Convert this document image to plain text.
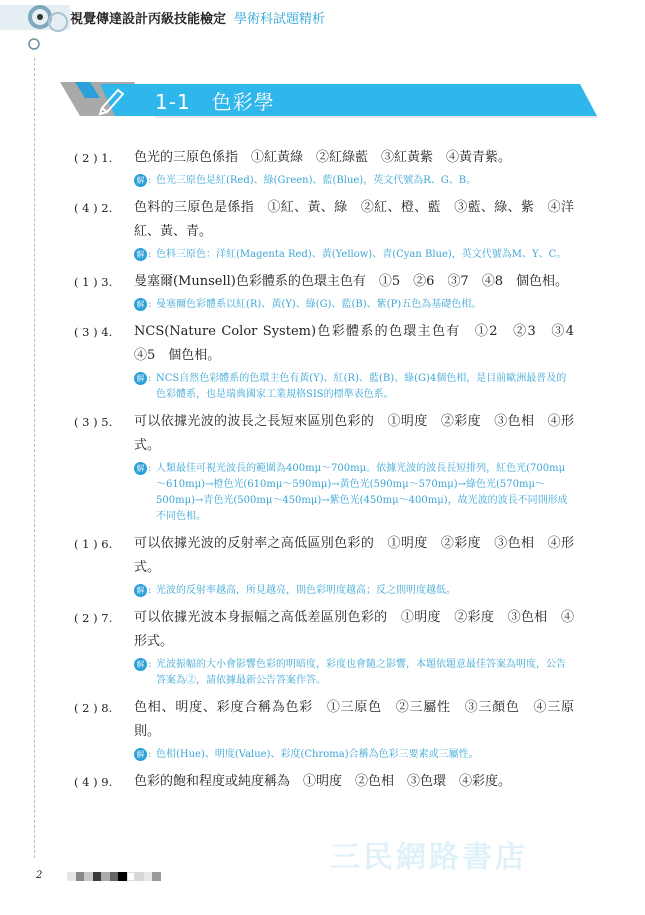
視覺傳達設計丙級技能檢定 學術科試題精析
1-1　色彩學
( 2 ) 1. 色光的三原色係指　①紅黃綠　②紅綠藍　③紅黃紫　④黃青紫。
解 : 色光三原色是紅(Red)、綠(Green)、藍(Blue)，英文代號為R、G、B。
( 4 ) 2. 色料的三原色是係指　①紅、黃、綠　②紅、橙、藍　③藍、綠、紫　④洋紅、黃、青。
解 : 色料三原色：洋紅(Magenta Red)、黃(Yellow)、青(Cyan Blue)，英文代號為M、Y、C。
( 1 ) 3. 曼塞爾(Munsell)色彩體系的色環主色有　①5　②6　③7　④8　個色相。
解 : 曼塞爾色彩體系以紅(R)、黃(Y)、綠(G)、藍(B)、紫(P)五色為基礎色相。
( 3 ) 4. NCS(Nature Color System)色彩體系的色環主色有　①2　②3　③4　④5　個色相。
解 : NCS自然色彩體系的色環主色有黃(Y)、紅(R)、藍(B)、綠(G)4個色相，是目前歐洲最普及的色彩體系，也是瑞典國家工業規格SIS的標準表色系。
( 3 ) 5. 可以依據光波的波長之長短來區別色彩的　①明度　②彩度　③色相　④形式。
解 : 人類最佳可視光波長的範圍為400mμ～700mμ。依據光波的波長長短排列，紅色光(700mμ～610mμ)→橙色光(610mμ～590mμ)→黃色光(590mμ～570mμ)→綠色光(570mμ～500mμ)→青色光(500mμ～450mμ)→紫色光(450mμ～400mμ)，故光波的波長不同則形成不同色相。
( 1 ) 6. 可以依據光波的反射率之高低區別色彩的　①明度　②彩度　③色相　④形式。
解 : 光波的反射率越高，所見越亮，則色彩明度越高；反之則明度越低。
( 2 ) 7. 可以依據光波本身振幅之高低差區別色彩的　①明度　②彩度　③色相　④形式。
解 : 光波振幅的大小會影響色彩的明暗度，彩度也會隨之影響，本題依題意最佳答案為明度，公告答案為②，請依據最新公告答案作答。
( 2 ) 8. 色相、明度、彩度合稱為色彩　①三原色　②三屬性　③三顏色　④三原則。
解 : 色相(Hue)、明度(Value)、彩度(Chroma)合稱為色彩三要素或三屬性。
( 4 ) 9. 色彩的飽和程度或純度稱為　①明度　②色相　③色環　④彩度。
三民網路書店
2
